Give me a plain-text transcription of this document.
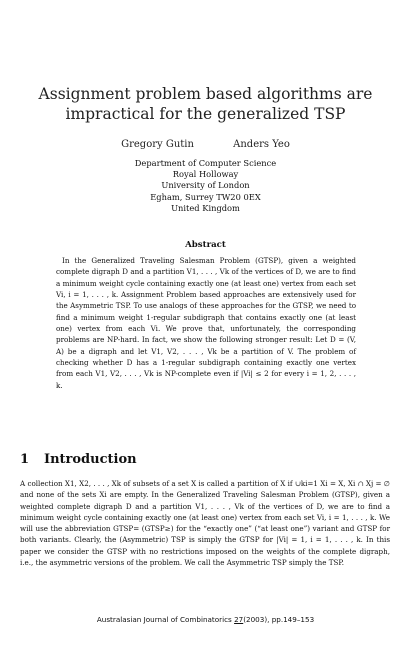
Assignment problem based algorithms are
impractical for the generalized TSP
Gregory Gutin	Anders Yeo
Department of Computer Science
Royal Holloway
University of London
Egham, Surrey TW20 0EX
United Kingdom
Abstract

In the Generalized Traveling Salesman Problem (GTSP), given a weighted complete digraph D and a partition V1, . . . , Vk of the vertices of D, we are to find a minimum weight cycle containing exactly one (at least one) vertex from each set Vi, i = 1, . . . , k. Assignment Problem based approaches are extensively used for the Asymmetric TSP. To use analogs of these approaches for the GTSP, we need to find a minimum weight 1-regular subdigraph that contains exactly one (at least one) vertex from each Vi. We prove that, unfortunately, the corresponding problems are NP-hard. In fact, we show the following stronger result: Let D = (V, A) be a digraph and let V1, V2, . . . , Vk be a partition of V. The problem of checking whether D has a 1-regular subdigraph containing exactly one vertex from each V1, V2, . . . , Vk is NP-complete even if |Vi| ≤ 2 for every i = 1, 2, . . . , k.

1 Introduction

A collection X1, X2, . . . , Xk of subsets of a set X is called a partition of X if ∪ki=1 Xi = X, Xi ∩ Xj = ∅ and none of the sets Xi are empty. In the Generalized Traveling Salesman Problem (GTSP), given a weighted complete digraph D and a partition V1, . . . , Vk of the vertices of D, we are to find a minimum weight cycle containing exactly one (at least one) vertex from each set Vi, i = 1, . . . , k. We will use the abbreviation GTSP= (GTSP≥) for the “exactly one” (“at least one”) variant and GTSP for both variants. Clearly, the (Asymmetric) TSP is simply the GTSP for |Vi| = 1, i = 1, . . . , k. In this paper we consider the GTSP with no restrictions imposed on the weights of the complete digraph, i.e., the asymmetric versions of the problem. We call the Asymmetric TSP simply the TSP.

Australasian Journal of Combinatorics 27(2003), pp.149–153
